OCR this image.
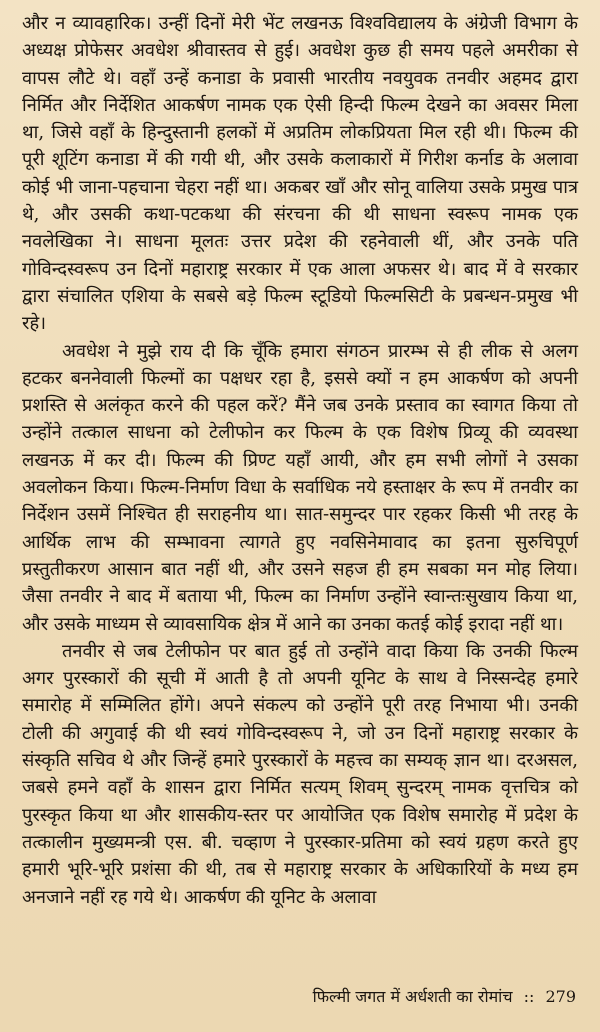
और न व्यावहारिक। उन्हीं दिनों मेरी भेंट लखनऊ विश्वविद्यालय के अंग्रेजी विभाग के अध्यक्ष प्रोफेसर अवधेश श्रीवास्तव से हुई। अवधेश कुछ ही समय पहले अमरीका से वापस लौटे थे। वहाँ उन्हें कनाडा के प्रवासी भारतीय नवयुवक तनवीर अहमद द्वारा निर्मित और निर्देशित आकर्षण नामक एक ऐसी हिन्दी फिल्म देखने का अवसर मिला था, जिसे वहाँ के हिन्दुस्तानी हलकों में अप्रतिम लोकप्रियता मिल रही थी। फिल्म की पूरी शूटिंग कनाडा में की गयी थी, और उसके कलाकारों में गिरीश कर्नाड के अलावा कोई भी जाना-पहचाना चेहरा नहीं था। अकबर खाँ और सोनू वालिया उसके प्रमुख पात्र थे, और उसकी कथा-पटकथा की संरचना की थी साधना स्वरूप नामक एक नवलेखिका ने। साधना मूलतः उत्तर प्रदेश की रहनेवाली थीं, और उनके पति गोविन्दस्वरूप उन दिनों महाराष्ट्र सरकार में एक आला अफसर थे। बाद में वे सरकार द्वारा संचालित एशिया के सबसे बड़े फिल्म स्टूडियो फिल्मसिटी के प्रबन्धन-प्रमुख भी रहे।

अवधेश ने मुझे राय दी कि चूँकि हमारा संगठन प्रारम्भ से ही लीक से अलग हटकर बननेवाली फिल्मों का पक्षधर रहा है, इससे क्यों न हम आकर्षण को अपनी प्रशस्ति से अलंकृत करने की पहल करें? मैंने जब उनके प्रस्ताव का स्वागत किया तो उन्होंने तत्काल साधना को टेलीफोन कर फिल्म के एक विशेष प्रिव्यू की व्यवस्था लखनऊ में कर दी। फिल्म की प्रिण्ट यहाँ आयी, और हम सभी लोगों ने उसका अवलोकन किया। फिल्म-निर्माण विधा के सर्वाधिक नये हस्ताक्षर के रूप में तनवीर का निर्देशन उसमें निश्चित ही सराहनीय था। सात-समुन्दर पार रहकर किसी भी तरह के आर्थिक लाभ की सम्भावना त्यागते हुए नवसिनेमावाद का इतना सुरुचिपूर्ण प्रस्तुतीकरण आसान बात नहीं थी, और उसने सहज ही हम सबका मन मोह लिया। जैसा तनवीर ने बाद में बताया भी, फिल्म का निर्माण उन्होंने स्वान्तःसुखाय किया था, और उसके माध्यम से व्यावसायिक क्षेत्र में आने का उनका कतई कोई इरादा नहीं था।

तनवीर से जब टेलीफोन पर बात हुई तो उन्होंने वादा किया कि उनकी फिल्म अगर पुरस्कारों की सूची में आती है तो अपनी यूनिट के साथ वे निस्सन्देह हमारे समारोह में सम्मिलित होंगे। अपने संकल्प को उन्होंने पूरी तरह निभाया भी। उनकी टोली की अगुवाई की थी स्वयं गोविन्दस्वरूप ने, जो उन दिनों महाराष्ट्र सरकार के संस्कृति सचिव थे और जिन्हें हमारे पुरस्कारों के महत्त्व का सम्यक् ज्ञान था। दरअसल, जबसे हमने वहाँ के शासन द्वारा निर्मित सत्यम् शिवम् सुन्दरम् नामक वृत्तचित्र को पुरस्कृत किया था और शासकीय-स्तर पर आयोजित एक विशेष समारोह में प्रदेश के तत्कालीन मुख्यमन्त्री एस. बी. चव्हाण ने पुरस्कार-प्रतिमा को स्वयं ग्रहण करते हुए हमारी भूरि-भूरि प्रशंसा की थी, तब से महाराष्ट्र सरकार के अधिकारियों के मध्य हम अनजाने नहीं रह गये थे। आकर्षण की यूनिट के अलावा

फिल्मी जगत में अर्धशती का रोमांच :: 279
